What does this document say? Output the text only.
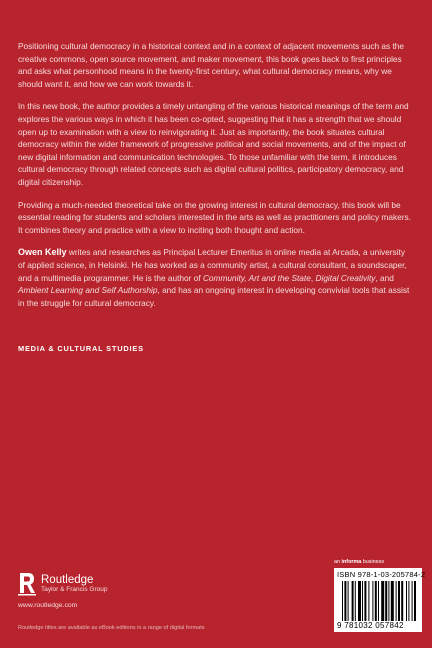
Positioning cultural democracy in a historical context and in a context of adjacent movements such as the creative commons, open source movement, and maker movement, this book goes back to first principles and asks what personhood means in the twenty-first century, what cultural democracy means, why we should want it, and how we can work towards it.

In this new book, the author provides a timely untangling of the various historical meanings of the term and explores the various ways in which it has been co-opted, suggesting that it has a strength that we should open up to examination with a view to reinvigorating it. Just as importantly, the book situates cultural democracy within the wider framework of progressive political and social movements, and of the impact of new digital information and communication technologies. To those unfamiliar with the term, it introduces cultural democracy through related concepts such as digital cultural politics, participatory democracy, and digital citizenship.

Providing a much-needed theoretical take on the growing interest in cultural democracy, this book will be essential reading for students and scholars interested in the arts as well as practitioners and policy makers. It combines theory and practice with a view to inciting both thought and action.

Owen Kelly writes and researches as Principal Lecturer Emeritus in online media at Arcada, a university of applied science, in Helsinki. He has worked as a community artist, a cultural consultant, a soundscaper, and a multimedia programmer. He is the author of Community, Art and the State, Digital Creativity, and Ambient Learning and Self Authorship, and has an ongoing interest in developing convivial tools that assist in the struggle for cultural democracy.

MEDIA & CULTURAL STUDIES
Routledge
Taylor & Francis Group
www.routledge.com
Routledge titles are available as eBook editions in a range of digital formats
an informa business
ISBN 978-1-03-205784-2
9 781032 057842
